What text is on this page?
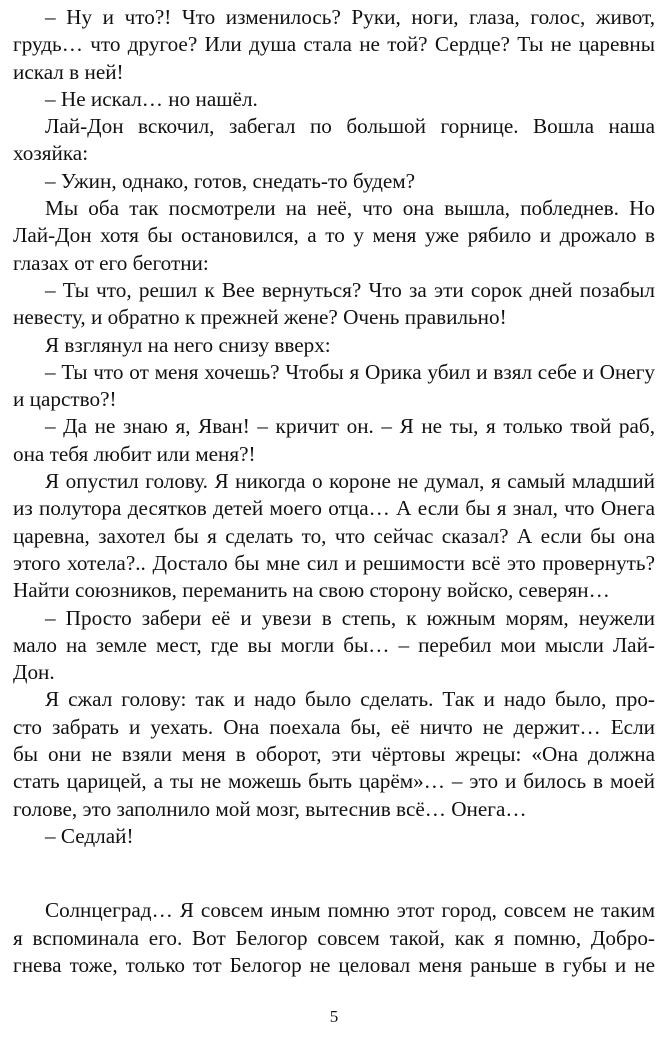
– Ну и что?! Что изменилось? Руки, ноги, глаза, голос, живот,
грудь… что другое? Или душа стала не той? Сердце? Ты не царевны
искал в ней!
– Не искал… но нашёл.
Лай-Дон вскочил, забегал по большой горнице. Вошла наша
хозяйка:
– Ужин, однако, готов, снедать-то будем?
Мы оба так посмотрели на неё, что она вышла, побледнев. Но
Лай-Дон хотя бы остановился, а то у меня уже рябило и дрожало в
глазах от его беготни:
– Ты что, решил к Вее вернуться? Что за эти сорок дней позабыл
невесту, и обратно к прежней жене? Очень правильно!
Я взглянул на него снизу вверх:
– Ты что от меня хочешь? Чтобы я Орика убил и взял себе и Онегу
и царство?!
– Да не знаю я, Яван! – кричит он. – Я не ты, я только твой раб,
она тебя любит или меня?!
Я опустил голову. Я никогда о короне не думал, я самый младший
из полутора десятков детей моего отца… А если бы я знал, что Онега
царевна, захотел бы я сделать то, что сейчас сказал? А если бы она
этого хотела?.. Достало бы мне сил и решимости всё это провернуть?
Найти союзников, переманить на свою сторону войско, северян…
– Просто забери её и увези в степь, к южным морям, неужели
мало на земле мест, где вы могли бы… – перебил мои мысли Лай-
Дон.
Я сжал голову: так и надо было сделать. Так и надо было, про-
сто забрать и уехать. Она поехала бы, её ничто не держит… Если
бы они не взяли меня в оборот, эти чёртовы жрецы: «Она должна
стать царицей, а ты не можешь быть царём»… – это и билось в моей
голове, это заполнило мой мозг, вытеснив всё… Онега…
– Седлай!
Солнцеград… Я совсем иным помню этот город, совсем не таким
я вспоминала его. Вот Белогор совсем такой, как я помню, Добро-
гнева тоже, только тот Белогор не целовал меня раньше в губы и не
5
